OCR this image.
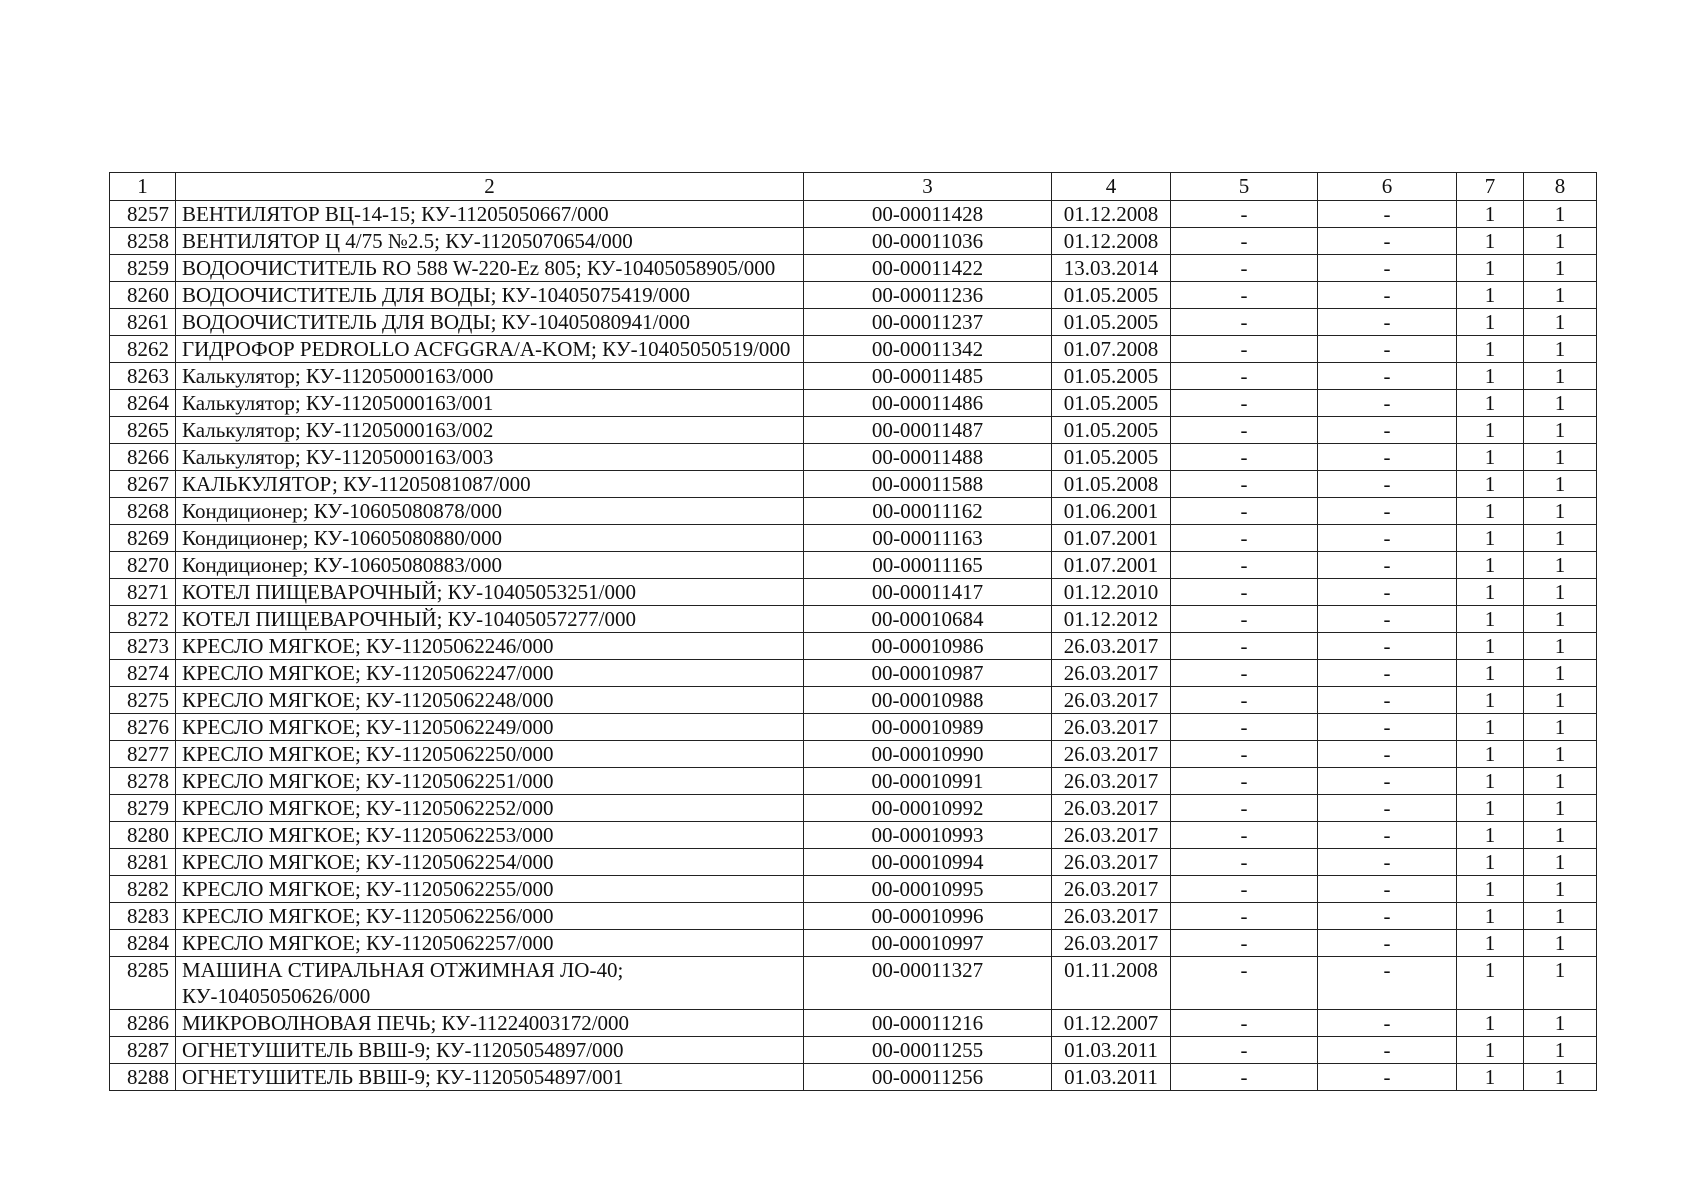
1	2	3	4	5	6	7	8
8257	ВЕНТИЛЯТОР ВЦ-14-15; КУ-11205050667/000	00-00011428	01.12.2008	-	-	1	1
8258	ВЕНТИЛЯТОР Ц 4/75 №2.5; КУ-11205070654/000	00-00011036	01.12.2008	-	-	1	1
8259	ВОДООЧИСТИТЕЛЬ RO 588 W-220-Ez 805; КУ-10405058905/000	00-00011422	13.03.2014	-	-	1	1
8260	ВОДООЧИСТИТЕЛЬ ДЛЯ ВОДЫ; КУ-10405075419/000	00-00011236	01.05.2005	-	-	1	1
8261	ВОДООЧИСТИТЕЛЬ ДЛЯ ВОДЫ; КУ-10405080941/000	00-00011237	01.05.2005	-	-	1	1
8262	ГИДРОФОР PEDROLLO ACFGGRA/A-KOM; КУ-10405050519/000	00-00011342	01.07.2008	-	-	1	1
8263	Калькулятор; КУ-11205000163/000	00-00011485	01.05.2005	-	-	1	1
8264	Калькулятор; КУ-11205000163/001	00-00011486	01.05.2005	-	-	1	1
8265	Калькулятор; КУ-11205000163/002	00-00011487	01.05.2005	-	-	1	1
8266	Калькулятор; КУ-11205000163/003	00-00011488	01.05.2005	-	-	1	1
8267	КАЛЬКУЛЯТОР; КУ-11205081087/000	00-00011588	01.05.2008	-	-	1	1
8268	Кондиционер; КУ-10605080878/000	00-00011162	01.06.2001	-	-	1	1
8269	Кондиционер; КУ-10605080880/000	00-00011163	01.07.2001	-	-	1	1
8270	Кондиционер; КУ-10605080883/000	00-00011165	01.07.2001	-	-	1	1
8271	КОТЕЛ ПИЩЕВАРОЧНЫЙ; КУ-10405053251/000	00-00011417	01.12.2010	-	-	1	1
8272	КОТЕЛ ПИЩЕВАРОЧНЫЙ; КУ-10405057277/000	00-00010684	01.12.2012	-	-	1	1
8273	КРЕСЛО МЯГКОЕ; КУ-11205062246/000	00-00010986	26.03.2017	-	-	1	1
8274	КРЕСЛО МЯГКОЕ; КУ-11205062247/000	00-00010987	26.03.2017	-	-	1	1
8275	КРЕСЛО МЯГКОЕ; КУ-11205062248/000	00-00010988	26.03.2017	-	-	1	1
8276	КРЕСЛО МЯГКОЕ; КУ-11205062249/000	00-00010989	26.03.2017	-	-	1	1
8277	КРЕСЛО МЯГКОЕ; КУ-11205062250/000	00-00010990	26.03.2017	-	-	1	1
8278	КРЕСЛО МЯГКОЕ; КУ-11205062251/000	00-00010991	26.03.2017	-	-	1	1
8279	КРЕСЛО МЯГКОЕ; КУ-11205062252/000	00-00010992	26.03.2017	-	-	1	1
8280	КРЕСЛО МЯГКОЕ; КУ-11205062253/000	00-00010993	26.03.2017	-	-	1	1
8281	КРЕСЛО МЯГКОЕ; КУ-11205062254/000	00-00010994	26.03.2017	-	-	1	1
8282	КРЕСЛО МЯГКОЕ; КУ-11205062255/000	00-00010995	26.03.2017	-	-	1	1
8283	КРЕСЛО МЯГКОЕ; КУ-11205062256/000	00-00010996	26.03.2017	-	-	1	1
8284	КРЕСЛО МЯГКОЕ; КУ-11205062257/000	00-00010997	26.03.2017	-	-	1	1
8285	МАШИНА СТИРАЛЬНАЯ ОТЖИМНАЯ ЛО-40; КУ-10405050626/000	00-00011327	01.11.2008	-	-	1	1
8286	МИКРОВОЛНОВАЯ ПЕЧЬ; КУ-11224003172/000	00-00011216	01.12.2007	-	-	1	1
8287	ОГНЕТУШИТЕЛЬ ВВШ-9; КУ-11205054897/000	00-00011255	01.03.2011	-	-	1	1
8288	ОГНЕТУШИТЕЛЬ ВВШ-9; КУ-11205054897/001	00-00011256	01.03.2011	-	-	1	1
